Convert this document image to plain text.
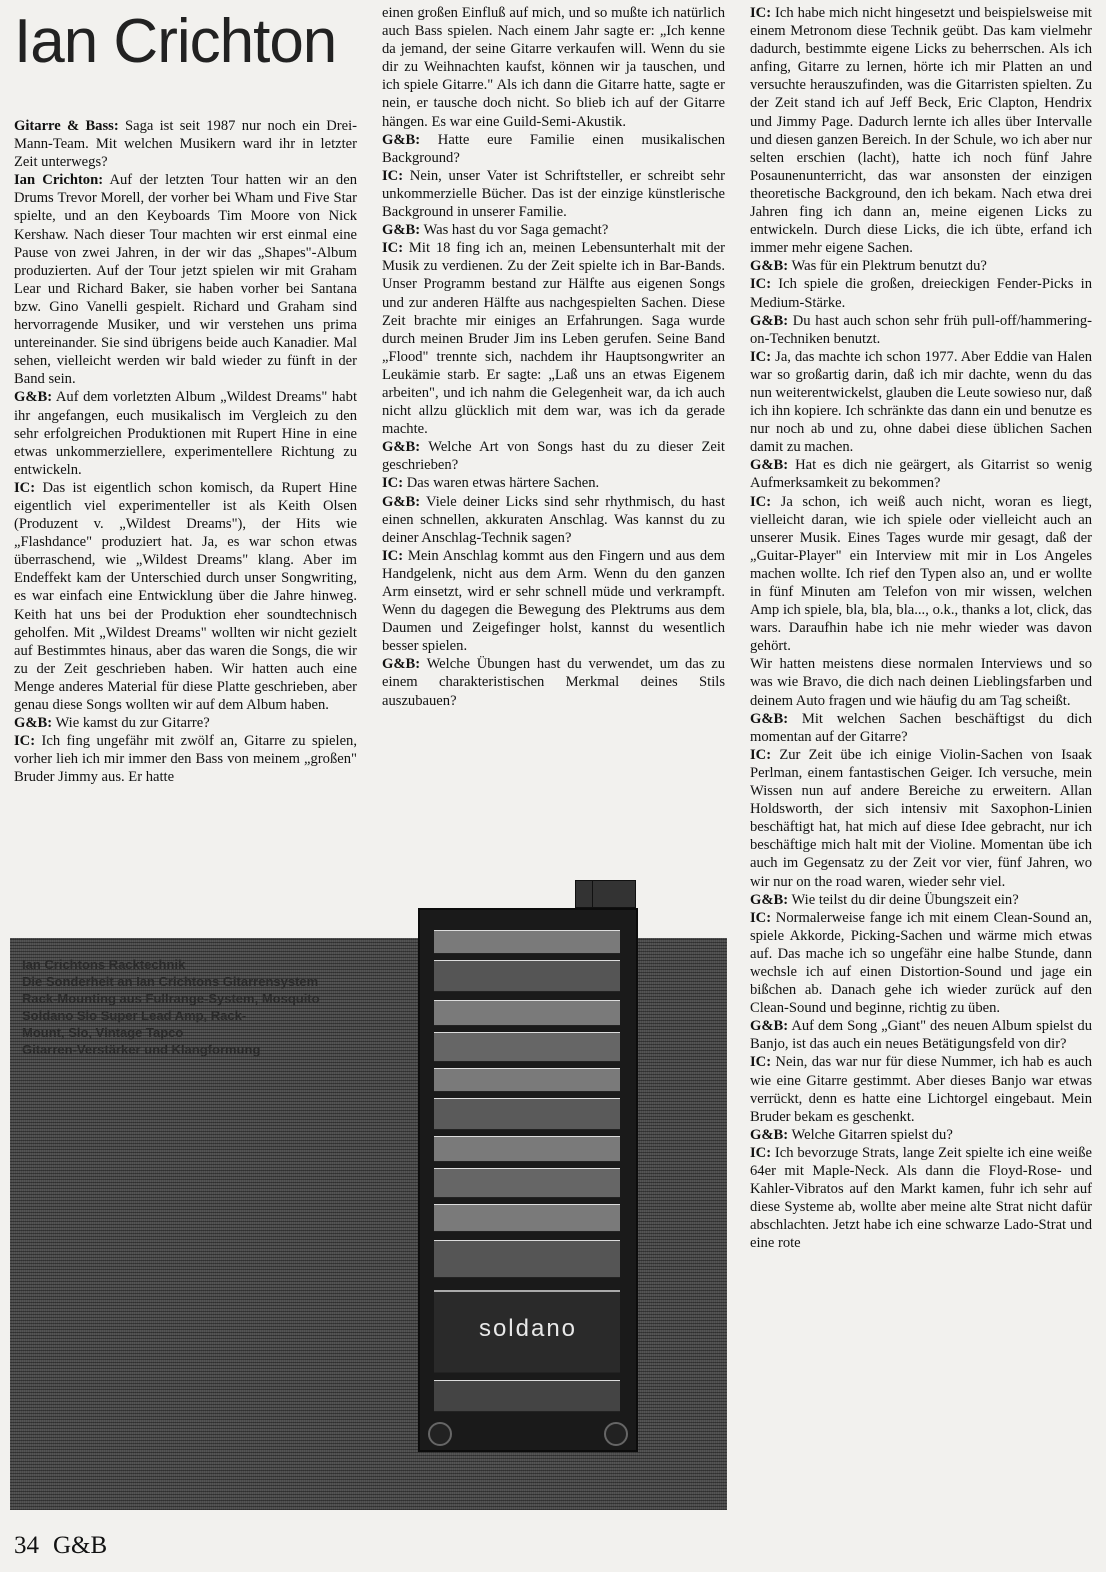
Ian Crichton

Gitarre & Bass: Saga ist seit 1987 nur noch ein Drei-Mann-Team. Mit welchen Musikern ward ihr in letzter Zeit unterwegs?

Ian Crichton: Auf der letzten Tour hatten wir an den Drums Trevor Morell, der vorher bei Wham und Five Star spielte, und an den Keyboards Tim Moore von Nick Kershaw. Nach dieser Tour machten wir erst einmal eine Pause von zwei Jahren, in der wir das „Shapes"-Album produzierten. Auf der Tour jetzt spielen wir mit Graham Lear und Richard Baker, sie haben vorher bei Santana bzw. Gino Vanelli gespielt. Richard und Graham sind hervorragende Musiker, und wir verstehen uns prima untereinander. Sie sind übrigens beide auch Kanadier. Mal sehen, vielleicht werden wir bald wieder zu fünft in der Band sein.

G&B: Auf dem vorletzten Album „Wildest Dreams" habt ihr angefangen, euch musikalisch im Vergleich zu den sehr erfolgreichen Produktionen mit Rupert Hine in eine etwas unkommerziellere, experimentellere Richtung zu entwickeln.

IC: Das ist eigentlich schon komisch, da Rupert Hine eigentlich viel experimenteller ist als Keith Olsen (Produzent v. „Wildest Dreams"), der Hits wie „Flashdance" produziert hat. Ja, es war schon etwas überraschend, wie „Wildest Dreams" klang. Aber im Endeffekt kam der Unterschied durch unser Songwriting, es war einfach eine Entwicklung über die Jahre hinweg. Keith hat uns bei der Produktion eher soundtechnisch geholfen. Mit „Wildest Dreams" wollten wir nicht gezielt auf Bestimmtes hinaus, aber das waren die Songs, die wir zu der Zeit geschrieben haben. Wir hatten auch eine Menge anderes Material für diese Platte geschrieben, aber genau diese Songs wollten wir auf dem Album haben.

G&B: Wie kamst du zur Gitarre?

IC: Ich fing ungefähr mit zwölf an, Gitarre zu spielen, vorher lieh ich mir immer den Bass von meinem „großen" Bruder Jimmy aus. Er hatte

einen großen Einfluß auf mich, und so mußte ich natürlich auch Bass spielen. Nach einem Jahr sagte er: „Ich kenne da jemand, der seine Gitarre verkaufen will. Wenn du sie dir zu Weihnachten kaufst, können wir ja tauschen, und ich spiele Gitarre." Als ich dann die Gitarre hatte, sagte er nein, er tausche doch nicht. So blieb ich auf der Gitarre hängen. Es war eine Guild-Semi-Akustik.

G&B: Hatte eure Familie einen musikalischen Background?

IC: Nein, unser Vater ist Schriftsteller, er schreibt sehr unkommerzielle Bücher. Das ist der einzige künstlerische Background in unserer Familie.

G&B: Was hast du vor Saga gemacht?

IC: Mit 18 fing ich an, meinen Lebensunterhalt mit der Musik zu verdienen. Zu der Zeit spielte ich in Bar-Bands. Unser Programm bestand zur Hälfte aus eigenen Songs und zur anderen Hälfte aus nachgespielten Sachen. Diese Zeit brachte mir einiges an Erfahrungen. Saga wurde durch meinen Bruder Jim ins Leben gerufen. Seine Band „Flood" trennte sich, nachdem ihr Hauptsongwriter an Leukämie starb. Er sagte: „Laß uns an etwas Eigenem arbeiten", und ich nahm die Gelegenheit war, da ich auch nicht allzu glücklich mit dem war, was ich da gerade machte.

G&B: Welche Art von Songs hast du zu dieser Zeit geschrieben?

IC: Das waren etwas härtere Sachen.

G&B: Viele deiner Licks sind sehr rhythmisch, du hast einen schnellen, akkuraten Anschlag. Was kannst du zu deiner Anschlag-Technik sagen?

IC: Mein Anschlag kommt aus den Fingern und aus dem Handgelenk, nicht aus dem Arm. Wenn du den ganzen Arm einsetzt, wird er sehr schnell müde und verkrampft. Wenn du dagegen die Bewegung des Plektrums aus dem Daumen und Zeigefinger holst, kannst du wesentlich besser spielen.

G&B: Welche Übungen hast du verwendet, um das zu einem charakteristischen Merkmal deines Stils auszubauen?

IC: Ich habe mich nicht hingesetzt und beispielsweise mit einem Metronom diese Technik geübt. Das kam vielmehr dadurch, bestimmte eigene Licks zu beherrschen. Als ich anfing, Gitarre zu lernen, hörte ich mir Platten an und versuchte herauszufinden, was die Gitarristen spielten. Zu der Zeit stand ich auf Jeff Beck, Eric Clapton, Hendrix und Jimmy Page. Dadurch lernte ich alles über Intervalle und diesen ganzen Bereich. In der Schule, wo ich aber nur selten erschien (lacht), hatte ich noch fünf Jahre Posaunenunterricht, das war ansonsten der einzigen theoretische Background, den ich bekam. Nach etwa drei Jahren fing ich dann an, meine eigenen Licks zu entwickeln. Durch diese Licks, die ich übte, erfand ich immer mehr eigene Sachen.

G&B: Was für ein Plektrum benutzt du?

IC: Ich spiele die großen, dreieckigen Fender-Picks in Medium-Stärke.

G&B: Du hast auch schon sehr früh pull-off/hammering-on-Techniken benutzt.

IC: Ja, das machte ich schon 1977. Aber Eddie van Halen war so großartig darin, daß ich mir dachte, wenn du das nun weiterentwickelst, glauben die Leute sowieso nur, daß ich ihn kopiere. Ich schränkte das dann ein und benutze es nur noch ab und zu, ohne dabei diese üblichen Sachen damit zu machen.

G&B: Hat es dich nie geärgert, als Gitarrist so wenig Aufmerksamkeit zu bekommen?

IC: Ja schon, ich weiß auch nicht, woran es liegt, vielleicht daran, wie ich spiele oder vielleicht auch an unserer Musik. Eines Tages wurde mir gesagt, daß der „Guitar-Player" ein Interview mit mir in Los Angeles machen wollte. Ich rief den Typen also an, und er wollte in fünf Minuten am Telefon von mir wissen, welchen Amp ich spiele, bla, bla, bla..., o.k., thanks a lot, click, das wars. Daraufhin habe ich nie mehr wieder was davon gehört.

Wir hatten meistens diese normalen Interviews und so was wie Bravo, die dich nach deinen Lieblingsfarben und deinem Auto fragen und wie häufig du am Tag scheißt.

G&B: Mit welchen Sachen beschäftigst du dich momentan auf der Gitarre?

IC: Zur Zeit übe ich einige Violin-Sachen von Isaak Perlman, einem fantastischen Geiger. Ich versuche, mein Wissen nun auf andere Bereiche zu erweitern. Allan Holdsworth, der sich intensiv mit Saxophon-Linien beschäftigt hat, hat mich auf diese Idee gebracht, nur ich beschäftige mich halt mit der Violine. Momentan übe ich auch im Gegensatz zu der Zeit vor vier, fünf Jahren, wo wir nur on the road waren, wieder sehr viel.

G&B: Wie teilst du dir deine Übungszeit ein?

IC: Normalerweise fange ich mit einem Clean-Sound an, spiele Akkorde, Picking-Sachen und wärme mich etwas auf. Das mache ich so ungefähr eine halbe Stunde, dann wechsle ich auf einen Distortion-Sound und jage ein bißchen ab. Danach gehe ich wieder zurück auf den Clean-Sound und beginne, richtig zu üben.

G&B: Auf dem Song „Giant" des neuen Album spielst du Banjo, ist das auch ein neues Betätigungsfeld von dir?

IC: Nein, das war nur für diese Nummer, ich hab es auch wie eine Gitarre gestimmt. Aber dieses Banjo war etwas verrückt, denn es hatte eine Lichtorgel eingebaut. Mein Bruder bekam es geschenkt.

G&B: Welche Gitarren spielst du?

IC: Ich bevorzuge Strats, lange Zeit spielte ich eine weiße 64er mit Maple-Neck. Als dann die Floyd-Rose- und Kahler-Vibratos auf den Markt kamen, fuhr ich sehr auf diese Systeme ab, wollte aber meine alte Strat nicht dafür abschlachten. Jetzt habe ich eine schwarze Lado-Strat und eine rote

Ian Crichtons Racktechnik
Die Sonderheit an Ian Crichtons Gitarrensystem
Rack-Mounting aus Fullrange-System, Mosquito
Soldano Slo Super Lead Amp, Rack-
Mount, Slo, Vintage Tapco
Gitarren-Verstärker und Klangformung
soldano
34 G&B
